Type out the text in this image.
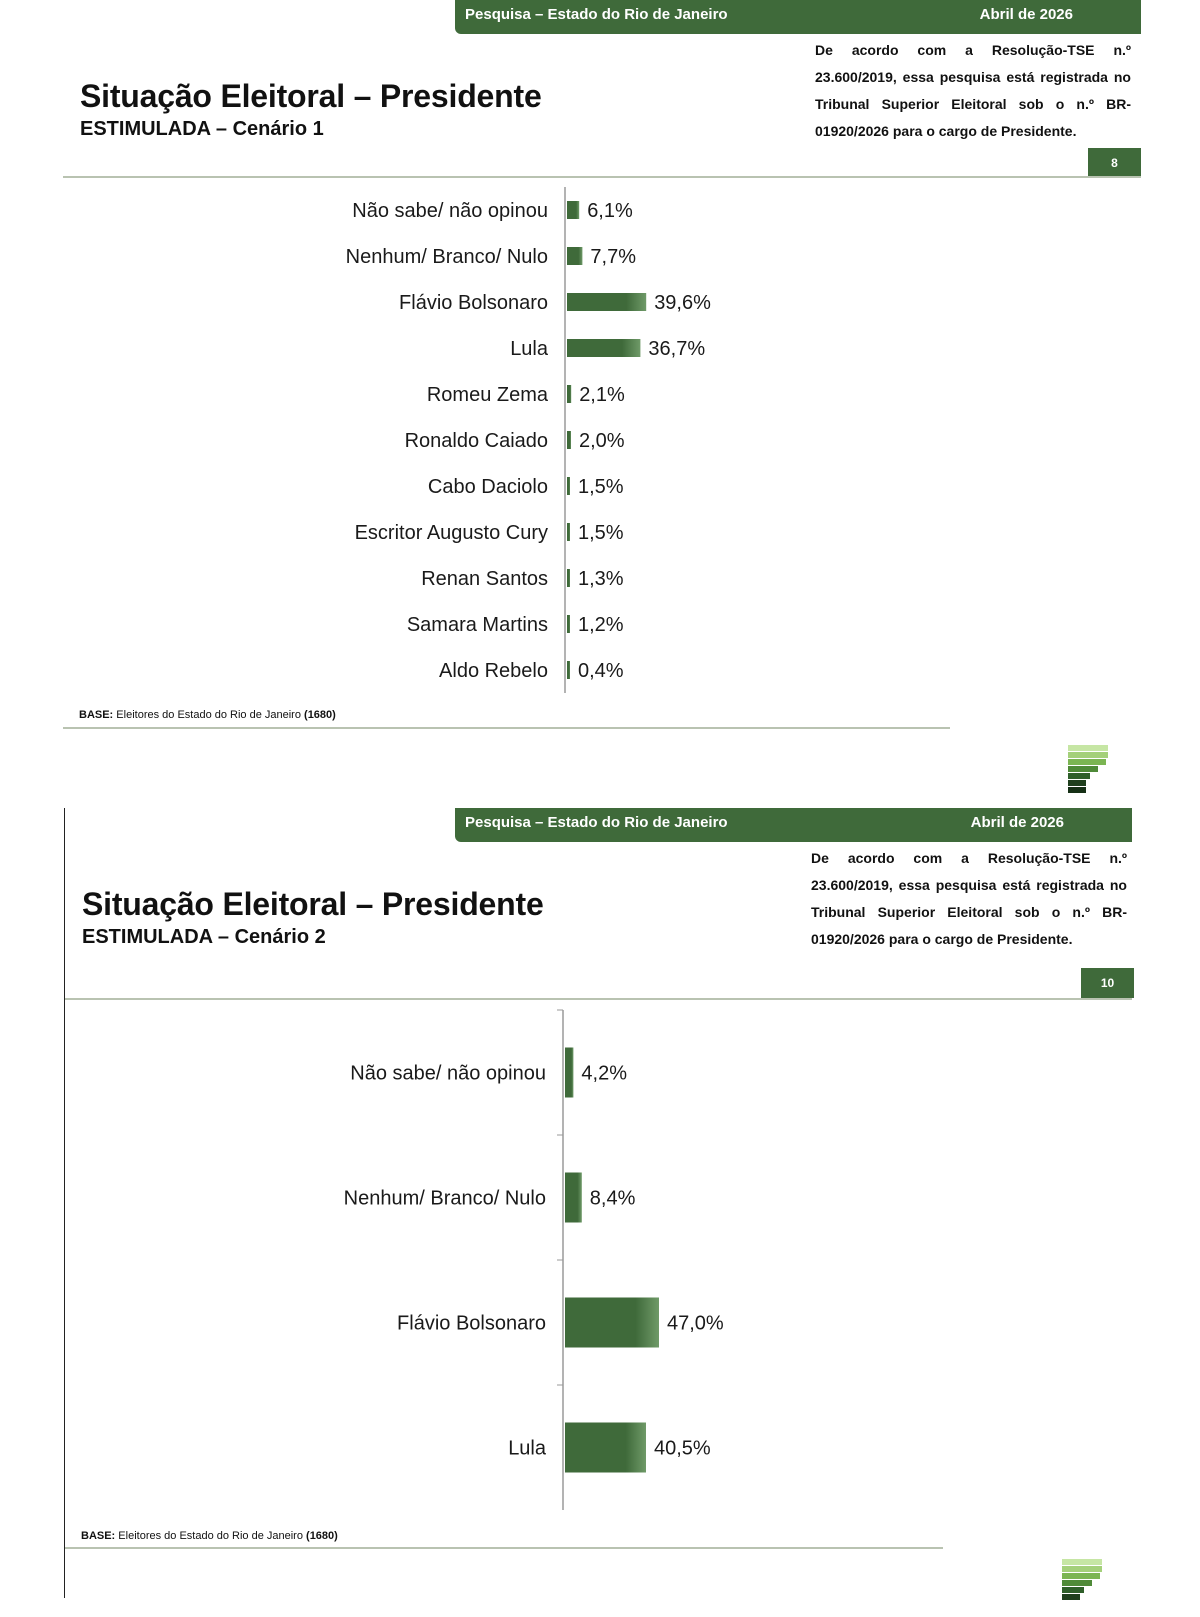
Pesquisa – Estado do Rio de Janeiro	Abril de 2026
Situação Eleitoral – Presidente
ESTIMULADA – Cenário 1
De acordo com a Resolução-TSE n.º 23.600/2019, essa pesquisa está registrada no Tribunal Superior Eleitoral sob o n.º BR-01920/2026 para o cargo de Presidente.
8
Não sabe/ não opinou 6,1%
Nenhum/ Branco/ Nulo 7,7%
Flávio Bolsonaro	39,6%
Lula	36,7%
Romeu Zema 2,1%
Ronaldo Caiado 2,0%
Cabo Daciolo 1,5%
Escritor Augusto Cury 1,5%
Renan Santos 1,3%
Samara Martins 1,2%
Aldo Rebelo 0,4%
BASE: Eleitores do Estado do Rio de Janeiro (1680)
Pesquisa – Estado do Rio de Janeiro	Abril de 2026
Situação Eleitoral – Presidente
ESTIMULADA – Cenário 2
De acordo com a Resolução-TSE n.º 23.600/2019, essa pesquisa está registrada no Tribunal Superior Eleitoral sob o n.º BR-01920/2026 para o cargo de Presidente.
10
Não sabe/ não opinou 4,2%
Nenhum/ Branco/ Nulo 8,4%
Flávio Bolsonaro	47,0%
Lula	40,5%
BASE: Eleitores do Estado do Rio de Janeiro (1680)
